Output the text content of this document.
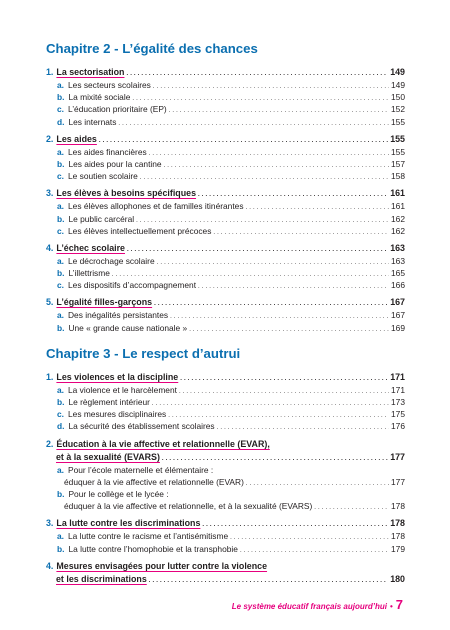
Chapitre 2 - L’égalité des chances
1. La sectorisation . . .	149
a. Les secteurs scolaires . . .	149
b. La mixité sociale . . .	150
c. L’éducation prioritaire (EP) . . .	152
d. Les internats . . .	155
2. Les aides . . .	155
a. Les aides financières . . .	155
b. Les aides pour la cantine . . .	157
c. Le soutien scolaire . . .	158
3. Les élèves à besoins spécifiques . . .	161
a. Les élèves allophones et de familles itinérantes . . .	161
b. Le public carcéral . . .	162
c. Les élèves intellectuellement précoces . . .	162
4. L’échec scolaire . . .	163
a. Le décrochage scolaire . . .	163
b. L’illettrisme . . .	165
c. Les dispositifs d’accompagnement . . .	166
5. L’égalité filles-garçons . . .	167
a. Des inégalités persistantes . . .	167
b. Une « grande cause nationale » . . .	169
Chapitre 3 - Le respect d’autrui
1. Les violences et la discipline . . .	171
a. La violence et le harcèlement . . .	171
b. Le règlement intérieur . . .	173
c. Les mesures disciplinaires . . .	175
d. La sécurité des établissement scolaires . . .	176
2. Éducation à la vie affective et relationnelle (EVAR),
et à la sexualité (EVARS) . . .	177
a. Pour l’école maternelle et élémentaire :
éduquer à la vie affective et relationnelle (EVAR) . . .	177
b. Pour le collège et le lycée :
éduquer à la vie affective et relationnelle, et à la sexualité (EVARS) . . .	178
3. La lutte contre les discriminations . . .	178
a. La lutte contre le racisme et l’antisémitisme . . .	178
b. La lutte contre l’homophobie et la transphobie . . .	179
4. Mesures envisagées pour lutter contre la violence
et les discriminations . . .	180
Le système éducatif français aujourd’hui • 7
